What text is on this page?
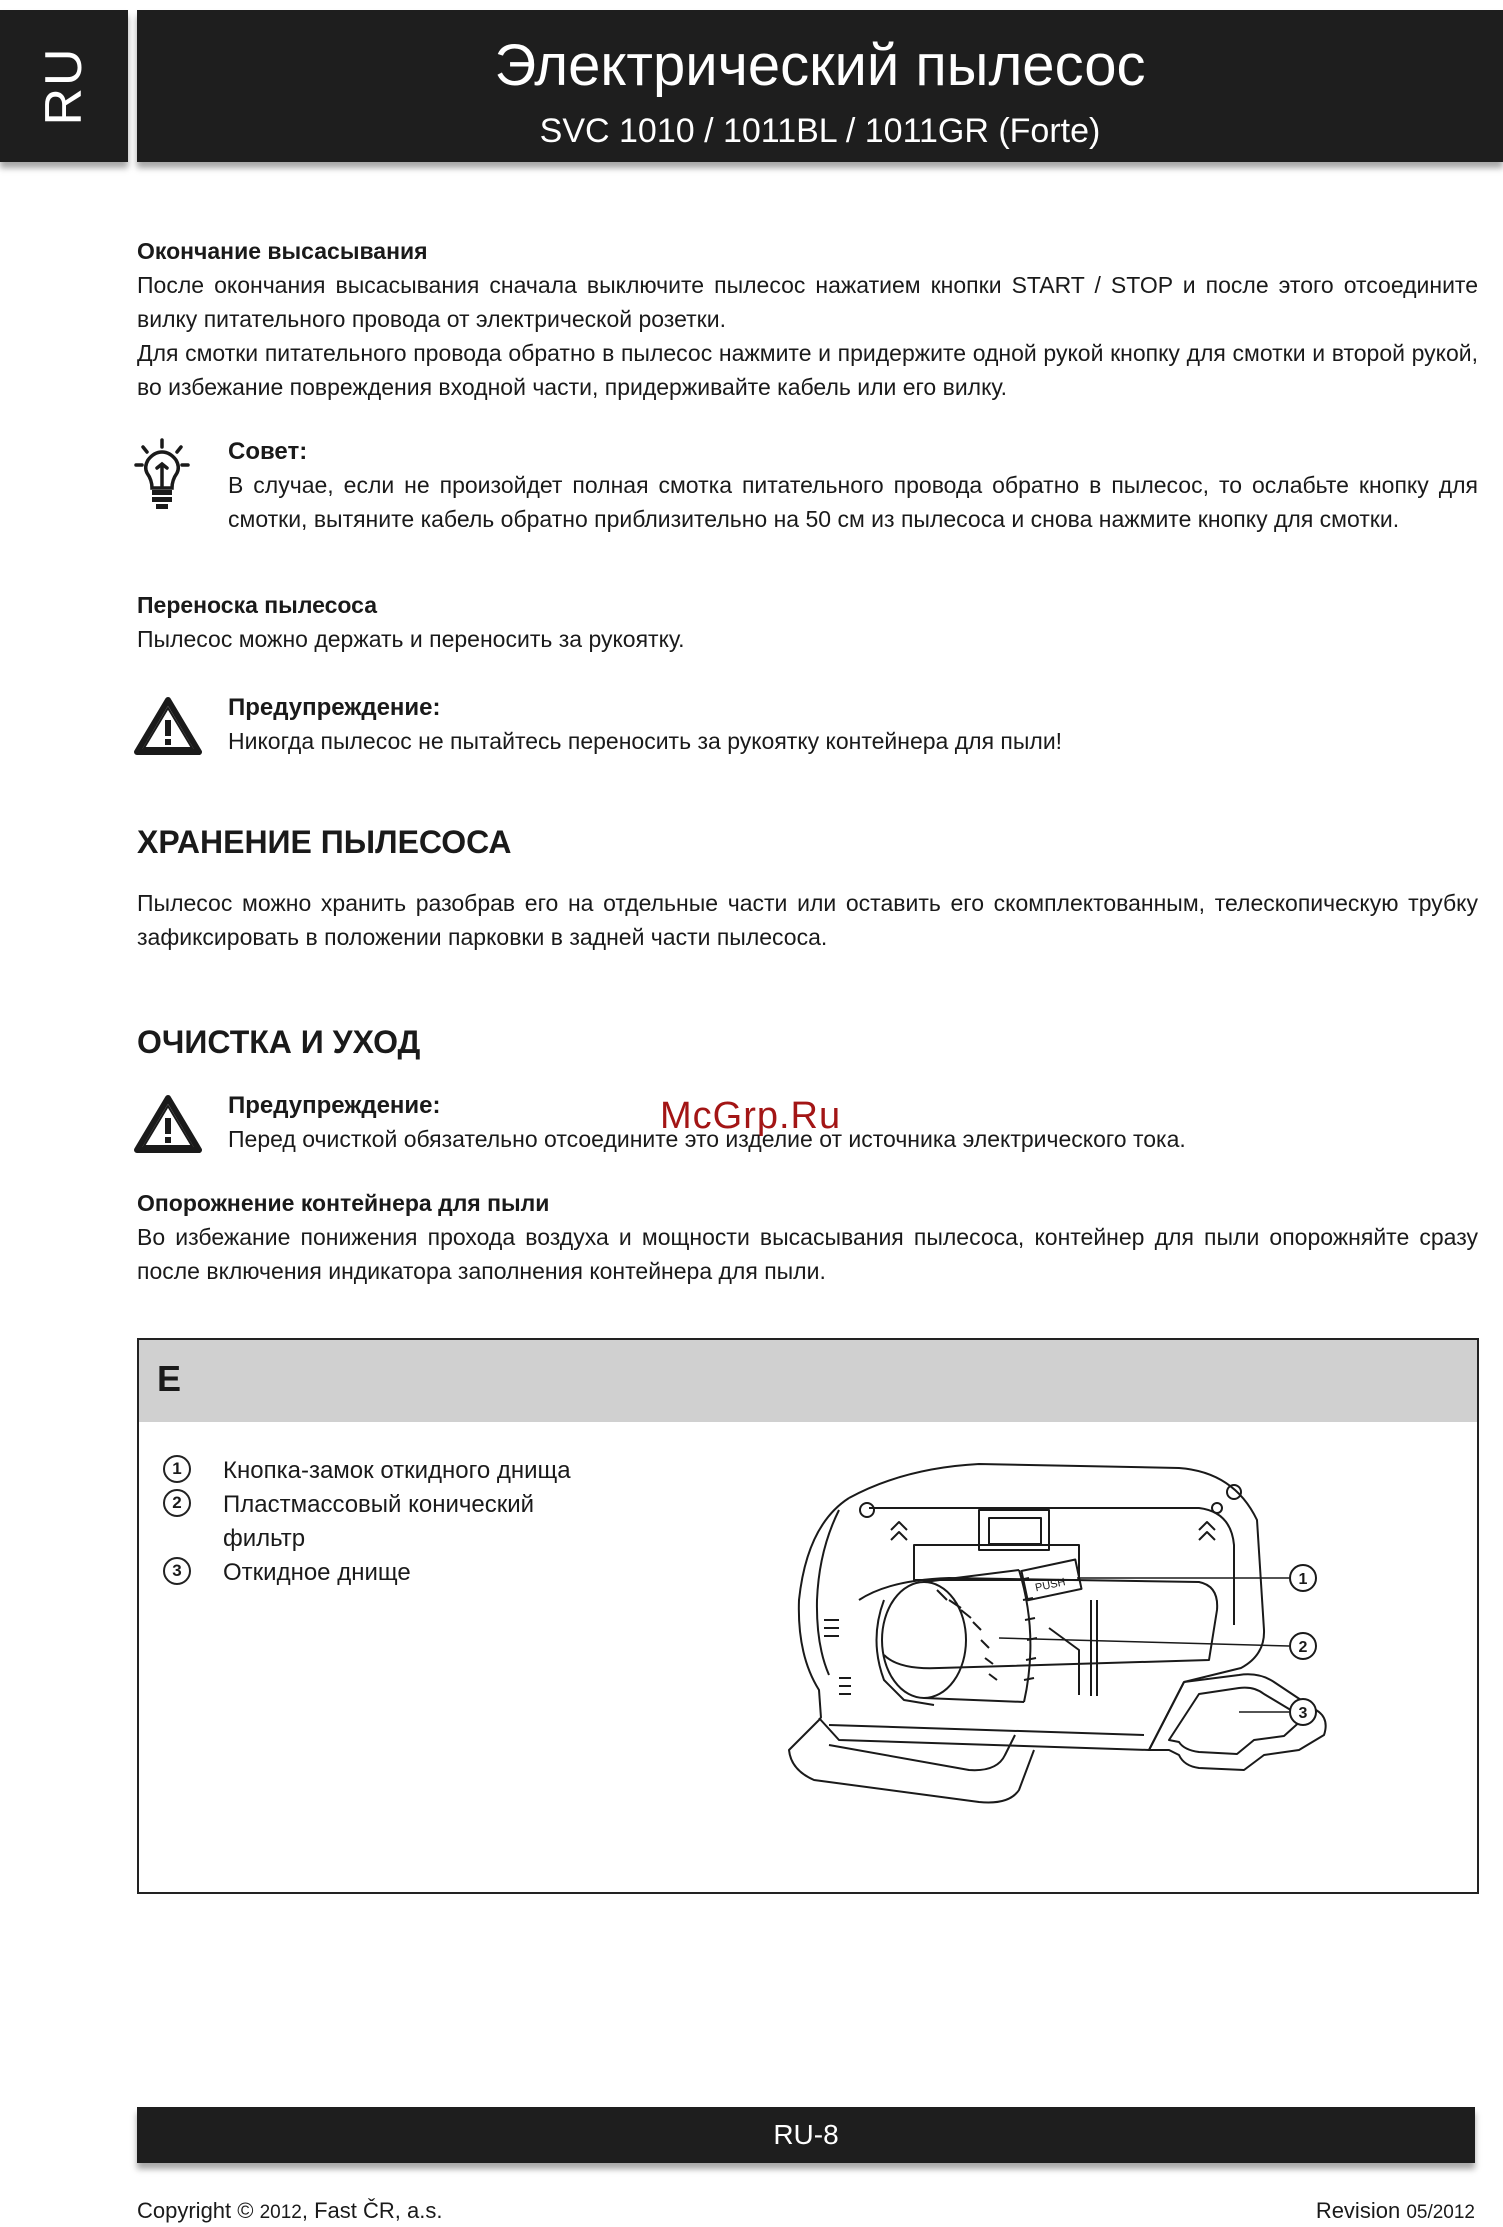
RU	Электрический пылесос
SVC 1010 / 1011BL / 1011GR (Forte)
Окончание высасывания
После окончания высасывания сначала выключите пылесос нажатием кнопки START / STOP и после этого отсоедините вилку питательного провода от электрической розетки.
Для смотки питательного провода обратно в пылесос нажмите и придержите одной рукой кнопку для смотки и второй рукой, во избежание повреждения входной части, придерживайте кабель или его вилку.
Совет:
В случае, если не произойдет полная смотка питательного провода обратно в пылесос, то ослабьте кнопку для смотки, вытяните кабель обратно приблизительно на 50 см из пылесоса и снова нажмите кнопку для смотки.
Переноска пылесоса
Пылесос можно держать и переносить за рукоятку.
Предупреждение:
Никогда пылесос не пытайтесь переносить за рукоятку контейнера для пыли!
ХРАНЕНИЕ ПЫЛЕСОСА
Пылесос можно хранить разобрав его на отдельные части или оставить его скомплектованным, телескопическую трубку зафиксировать в положении парковки в задней части пылесоса.
ОЧИСТКА И УХОД
Предупреждение:
Перед очисткой обязательно отсоедините это изделие от источника электрического тока.
McGrp.Ru
Опорожнение контейнера для пыли
Во избежание понижения прохода воздуха и мощности высасывания пылесоса, контейнер для пыли опорожняйте сразу после включения индикатора заполнения контейнера для пыли.
E
1 Кнопка-замок откидного днища
2 Пластмассовый конический фильтр
3 Откидное днище	PUSH	1
2
3
RU-8
Copyright © 2012, Fast ČR, a.s.	Revision 05/2012
